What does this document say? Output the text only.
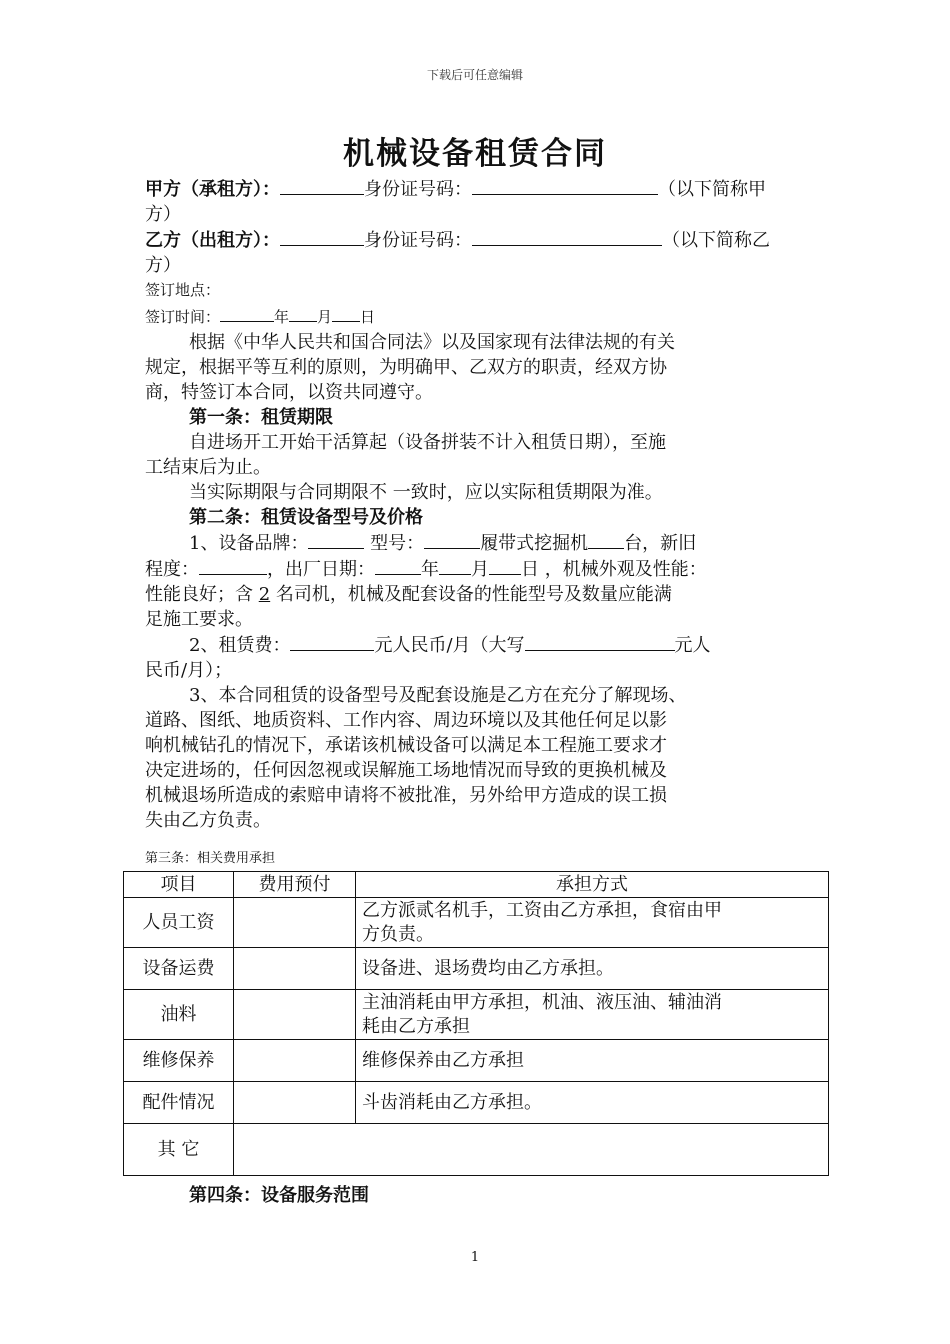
下载后可任意编辑
机械设备租赁合同
甲方（承租方）：	身份证号码：	（以下简称甲
方）
乙方（出租方）：	身份证号码：	（以下简称乙
方）
签订地点：
签订时间：	年 月 日
根据《中华人民共和国合同法》以及国家现有法律法规的有关
规定，根据平等互利的原则，为明确甲、乙双方的职责，经双方协
商，特签订本合同，以资共同遵守。
第一条：租赁期限
自进场开工开始干活算起（设备拼装不计入租赁日期），至施
工结束后为止。
当实际期限与合同期限不 一致时，应以实际租赁期限为准。
第二条：租赁设备型号及价格
1、设备品牌：	型号：	履带式挖掘机 台，新旧
程度：	，出厂日期：	年 月 日 ，机械外观及性能：
性能良好；含 2 名司机，机械及配套设备的性能型号及数量应能满
足施工要求。
2、租赁费：	元人民币/月（大写	元人
民币/月）；
3、本合同租赁的设备型号及配套设施是乙方在充分了解现场、
道路、图纸、地质资料、工作内容、周边环境以及其他任何足以影
响机械钻孔的情况下，承诺该机械设备可以满足本工程施工要求才
决定进场的，任何因忽视或误解施工场地情况而导致的更换机械及
机械退场所造成的索赔申请将不被批准，另外给甲方造成的误工损
失由乙方负责。
第三条：相关费用承担
项目	费用预付	承担方式
人员工资		乙方派贰名机手，工资由乙方承担，食宿由甲
方负责。

设备运费		设备进、退场费均由乙方承担。

油料		主油消耗由甲方承担，机油、液压油、辅油消
耗由乙方承担

维修保养		维修保养由乙方承担

配件情况		斗齿消耗由乙方承担。

其 它		
第四条：设备服务范围
1
